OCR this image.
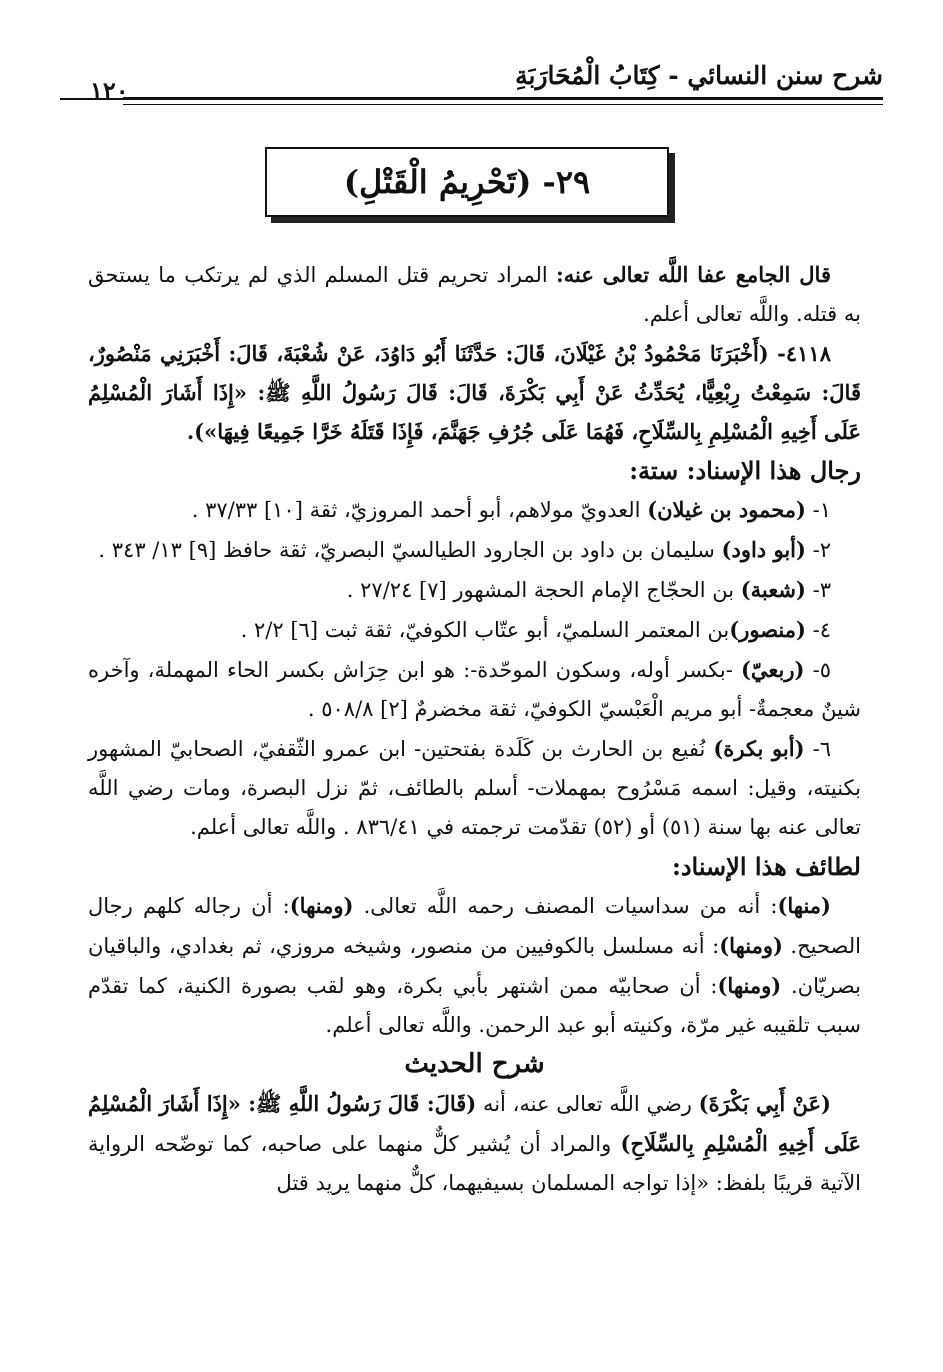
شرح سنن النسائي - كِتَابُ الْمُحَارَبَةِ
١٢٠
٢٩- (تَحْرِيمُ الْقَتْلِ)

قال الجامع عفا اللَّه تعالى عنه: المراد تحريم قتل المسلم الذي لم يرتكب ما يستحق به قتله. واللَّه تعالى أعلم.

٤١١٨- (أَخْبَرَنَا مَحْمُودُ بْنُ غَيْلَانَ، قَالَ: حَدَّثَنَا أَبُو دَاوُدَ، عَنْ شُعْبَةَ، قَالَ: أَخْبَرَنِي مَنْصُورٌ، قَالَ: سَمِعْتُ رِبْعِيًّا، يُحَدِّثُ عَنْ أَبِي بَكْرَةَ، قَالَ: قَالَ رَسُولُ اللَّهِ ﷺ: «إِذَا أَشَارَ الْمُسْلِمُ عَلَى أَخِيهِ الْمُسْلِمِ بِالسِّلَاحِ، فَهُمَا عَلَى جُرُفِ جَهَنَّمَ، فَإِذَا قَتَلَهُ خَرَّا جَمِيعًا فِيهَا»).

رجال هذا الإسناد: ستة:

١- (محمود بن غيلان) العدويّ مولاهم، أبو أحمد المروزيّ، ثقة [١٠] ٣٧/٣٣ .

٢- (أبو داود) سليمان بن داود بن الجارود الطيالسيّ البصريّ، ثقة حافظ [٩] ١٣/ ٣٤٣ .

٣- (شعبة) بن الحجّاج الإمام الحجة المشهور [٧] ٢٧/٢٤ .

٤- (منصور)بن المعتمر السلميّ، أبو عتّاب الكوفيّ، ثقة ثبت [٦] ٢/٢ .

٥- (ربعيّ) -بكسر أوله، وسكون الموحّدة-: هو ابن حِرَاش بكسر الحاء المهملة، وآخره شينٌ معجمةٌ- أبو مريم الْعَبْسيّ الكوفيّ، ثقة مخضرمٌ [٢] ٥٠٨/٨ .

٦- (أبو بكرة) نُفيع بن الحارث بن كَلَدة بفتحتين- ابن عمرو الثّقفيّ، الصحابيّ المشهور بكنيته، وقيل: اسمه مَسْرُوح بمهملات- أسلم بالطائف، ثمّ نزل البصرة، ومات رضي اللَّه تعالى عنه بها سنة (٥١) أو (٥٢) تقدّمت ترجمته في ٨٣٦/٤١ . واللَّه تعالى أعلم.

لطائف هذا الإسناد:

(منها): أنه من سداسيات المصنف رحمه اللَّه تعالى. (ومنها): أن رجاله كلهم رجال الصحيح. (ومنها): أنه مسلسل بالكوفيين من منصور، وشيخه مروزي، ثم بغدادي، والباقيان بصريّان. (ومنها): أن صحابيّه ممن اشتهر بأبي بكرة، وهو لقب بصورة الكنية، كما تقدّم سبب تلقيبه غير مرّة، وكنيته أبو عبد الرحمن. واللَّه تعالى أعلم.

شرح الحديث

(عَنْ أَبِي بَكْرَةَ) رضي اللَّه تعالى عنه، أنه (قَالَ: قَالَ رَسُولُ اللَّهِ ﷺ: «إِذَا أَشَارَ الْمُسْلِمُ عَلَى أَخِيهِ الْمُسْلِمِ بِالسِّلَاحِ) والمراد أن يُشير كلٌّ منهما على صاحبه، كما توضّحه الرواية الآتية قريبًا بلفظ: «إذا تواجه المسلمان بسيفيهما، كلٌّ منهما يريد قتل
